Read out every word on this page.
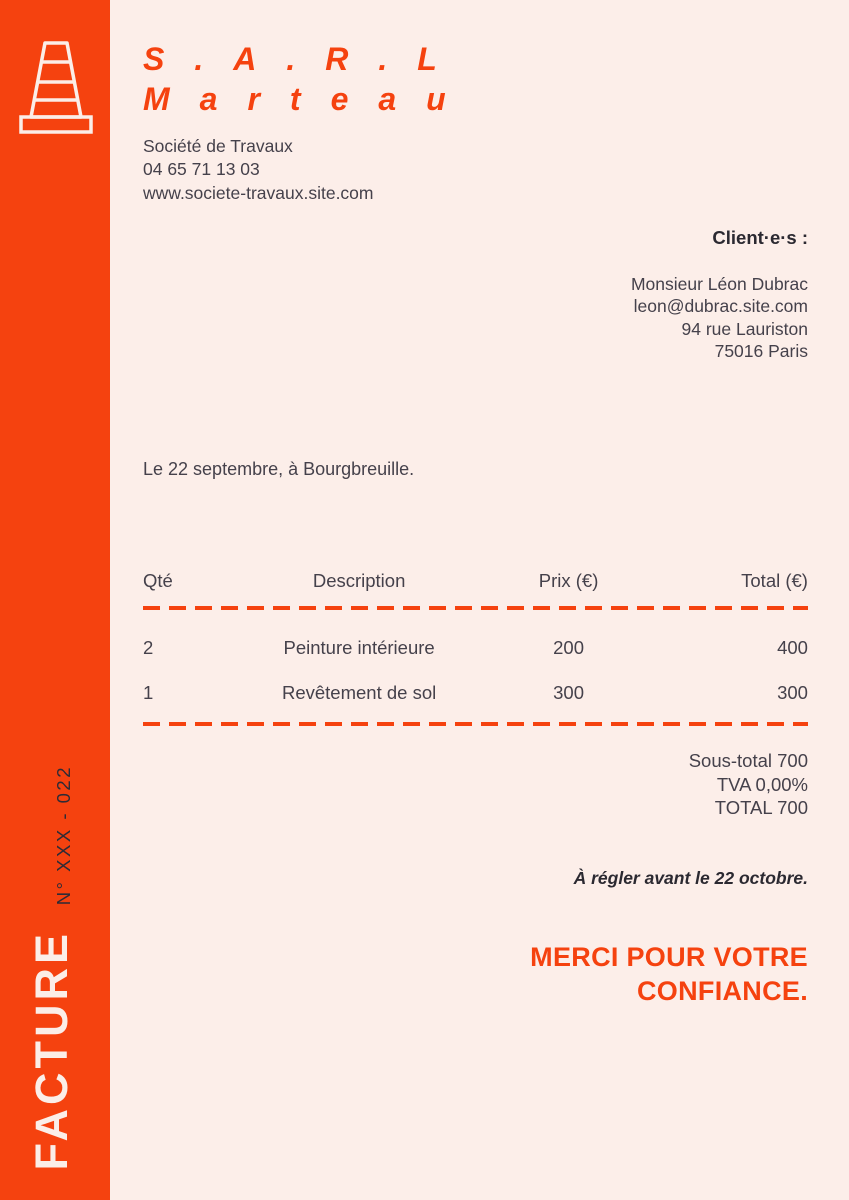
N° XXX - 022
FACTURE
S.A.R.L
Marteau
Société de Travaux
04 65 71 13 03
www.societe-travaux.site.com
Client·e·s :
Monsieur Léon Dubrac
leon@dubrac.site.com
94 rue Lauriston
75016 Paris

Le 22 septembre, à Bourgbreuille.

Qté	Description	Prix (€)	Total (€)
2	Peinture intérieure	200	400
1	Revêtement de sol	300	300
Sous-total 700
TVA 0,00%
TOTAL 700

À régler avant le 22 octobre.

MERCI POUR VOTRE
CONFIANCE.
